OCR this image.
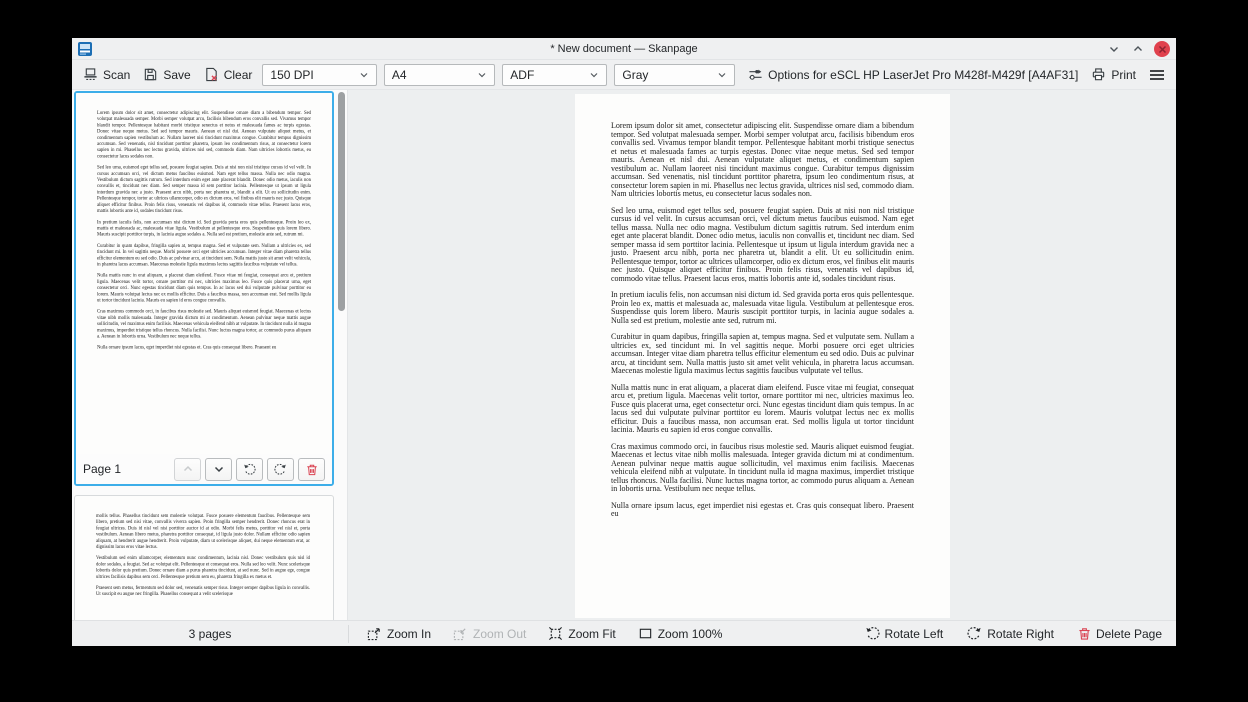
* New document — Skanpage
Scan	Save	Clear 150 DPI	A4	ADF	Gray	Options for eSCL HP LaserJet Pro M428f-M429f [A4AF31]	Print

Lorem ipsum dolor sit amet, consectetur adipiscing elit. Suspendisse ornare diam a bibendum tempor. Sed volutpat malesuada semper. Morbi semper volutpat arcu, facilisis bibendum eros convallis sed. Vivamus tempor blandit tempor. Pellentesque habitant morbi tristique senectus et netus et malesuada fames ac turpis egestas. Donec vitae neque metus. Sed sed tempor mauris. Aenean et nisl dui. Aenean vulputate aliquet metus, et condimentum sapien vestibulum ac. Nullam laoreet nisi tincidunt maximus congue. Curabitur tempus dignissim accumsan. Sed venenatis, nisl tincidunt porttitor pharetra, ipsum leo condimentum risus, at consectetur lorem sapien in mi. Phasellus nec lectus gravida, ultrices nisl sed, commodo diam. Nam ultricies lobortis metus, eu consectetur lacus sodales non.

Sed leo urna, euismod eget tellus sed, posuere feugiat sapien. Duis at nisi non nisl tristique cursus id vel velit. In cursus accumsan orci, vel dictum metus faucibus euismod. Nam eget tellus massa. Nulla nec odio magna. Vestibulum dictum sagittis rutrum. Sed interdum enim eget ante placerat blandit. Donec odio metus, iaculis non convallis et, tincidunt nec diam. Sed semper massa id sem porttitor lacinia. Pellentesque ut ipsum ut ligula interdum gravida nec a justo. Praesent arcu nibh, porta nec pharetra ut, blandit a elit. Ut eu sollicitudin enim. Pellentesque tempor, tortor ac ultrices ullamcorper, odio ex dictum eros, vel finibus elit mauris nec justo. Quisque aliquet efficitur finibus. Proin felis risus, venenatis vel dapibus id, commodo vitae tellus. Praesent lacus eros, mattis lobortis ante id, sodales tincidunt risus.

In pretium iaculis felis, non accumsan nisi dictum id. Sed gravida porta eros quis pellentesque. Proin leo ex, mattis et malesuada ac, malesuada vitae ligula. Vestibulum at pellentesque eros. Suspendisse quis lorem libero. Mauris suscipit porttitor turpis, in lacinia augue sodales a. Nulla sed est pretium, molestie ante sed, rutrum mi.

Curabitur in quam dapibus, fringilla sapien at, tempus magna. Sed et vulputate sem. Nullam a ultricies ex, sed tincidunt mi. In vel sagittis neque. Morbi posuere orci eget ultricies accumsan. Integer vitae diam pharetra tellus efficitur elementum eu sed odio. Duis ac pulvinar arcu, at tincidunt sem. Nulla mattis justo sit amet velit vehicula, in pharetra lacus accumsan. Maecenas molestie ligula maximus lectus sagittis faucibus vulputate vel tellus.

Nulla mattis nunc in erat aliquam, a placerat diam eleifend. Fusce vitae mi feugiat, consequat arcu et, pretium ligula. Maecenas velit tortor, ornare porttitor mi nec, ultricies maximus leo. Fusce quis placerat urna, eget consectetur orci. Nunc egestas tincidunt diam quis tempus. In ac lacus sed dui vulputate pulvinar porttitor eu lorem. Mauris volutpat lectus nec ex mollis efficitur. Duis a faucibus massa, non accumsan erat. Sed mollis ligula ut tortor tincidunt lacinia. Mauris eu sapien id eros congue convallis.

Cras maximus commodo orci, in faucibus risus molestie sed. Mauris aliquet euismod feugiat. Maecenas et lectus vitae nibh mollis malesuada. Integer gravida dictum mi at condimentum. Aenean pulvinar neque mattis augue sollicitudin, vel maximus enim facilisis. Maecenas vehicula eleifend nibh at vulputate. In tincidunt nulla id magna maximus, imperdiet tristique tellus rhoncus. Nulla facilisi. Nunc luctus magna tortor, ac commodo purus aliquam a. Aenean in lobortis urna. Vestibulum nec neque tellus.

Nulla ornare ipsum lacus, eget imperdiet nisi egestas et. Cras quis consequat libero. Praesent eu

Page 1

mollis tellus. Phasellus tincidunt sem molestie volutpat. Fusce posuere elementum faucibus. Pellentesque sem libero, pretium sed nisi vitae, convallis viverra sapien. Proin fringilla semper hendrerit. Donec rhoncus erat in feugiat ultrices. Duis id nisl vel nisi porttitor auctor id at odio. Morbi felis metus, porttitor vel nisl et, porta vestibulum. Aenean libero metus, pharetra porttitor consequat, id ligula justo dolor. Nullam efficitur odio sapien aliquam, at hendrerit augue hendrerit. Proin vulputate, diam ut scelerisque aliquet, dui neque elementum erat, ac dignissim lacus eros vitae lectus.

Vestibulum sed enim ullamcorper, elementum nunc condimentum, lacinia nisl. Donec vestibulum quis nisl id dolor sodales, a feugiat. Sed ac volutpat elit. Pellentesque et consequat eros. Nulla sed leo velit. Nunc scelerisque lobortis dolor quis pretium. Donec ornare diam a purus pharetra tincidunt, at sed nunc. Sed in augue ege, congue ultrices facilisis dapibus sem orci. Pellentesque pretium sem eu, pharetra fringilla ex metus et.

Praesent sem metus, fermentum sed dolor sed, venenatis semper risus. Integer semper dapibus ligula in convallis. Ut suscipit eu augue nec fringilla. Phasellus consequat a velit scelerisque

Lorem ipsum dolor sit amet, consectetur adipiscing elit. Suspendisse ornare diam a bibendum tempor. Sed volutpat malesuada semper. Morbi semper volutpat arcu, facilisis bibendum eros convallis sed. Vivamus tempor blandit tempor. Pellentesque habitant morbi tristique senectus et netus et malesuada fames ac turpis egestas. Donec vitae neque metus. Sed sed tempor mauris. Aenean et nisl dui. Aenean vulputate aliquet metus, et condimentum sapien vestibulum ac. Nullam laoreet nisi tincidunt maximus congue. Curabitur tempus dignissim accumsan. Sed venenatis, nisl tincidunt porttitor pharetra, ipsum leo condimentum risus, at consectetur lorem sapien in mi. Phasellus nec lectus gravida, ultrices nisl sed, commodo diam. Nam ultricies lobortis metus, eu consectetur lacus sodales non.

Sed leo urna, euismod eget tellus sed, posuere feugiat sapien. Duis at nisi non nisl tristique cursus id vel velit. In cursus accumsan orci, vel dictum metus faucibus euismod. Nam eget tellus massa. Nulla nec odio magna. Vestibulum dictum sagittis rutrum. Sed interdum enim eget ante placerat blandit. Donec odio metus, iaculis non convallis et, tincidunt nec diam. Sed semper massa id sem porttitor lacinia. Pellentesque ut ipsum ut ligula interdum gravida nec a justo. Praesent arcu nibh, porta nec pharetra ut, blandit a elit. Ut eu sollicitudin enim. Pellentesque tempor, tortor ac ultrices ullamcorper, odio ex dictum eros, vel finibus elit mauris nec justo. Quisque aliquet efficitur finibus. Proin felis risus, venenatis vel dapibus id, commodo vitae tellus. Praesent lacus eros, mattis lobortis ante id, sodales tincidunt risus.

In pretium iaculis felis, non accumsan nisi dictum id. Sed gravida porta eros quis pellentesque. Proin leo ex, mattis et malesuada ac, malesuada vitae ligula. Vestibulum at pellentesque eros. Suspendisse quis lorem libero. Mauris suscipit porttitor turpis, in lacinia augue sodales a. Nulla sed est pretium, molestie ante sed, rutrum mi.

Curabitur in quam dapibus, fringilla sapien at, tempus magna. Sed et vulputate sem. Nullam a ultricies ex, sed tincidunt mi. In vel sagittis neque. Morbi posuere orci eget ultricies accumsan. Integer vitae diam pharetra tellus efficitur elementum eu sed odio. Duis ac pulvinar arcu, at tincidunt sem. Nulla mattis justo sit amet velit vehicula, in pharetra lacus accumsan. Maecenas molestie ligula maximus lectus sagittis faucibus vulputate vel tellus.

Nulla mattis nunc in erat aliquam, a placerat diam eleifend. Fusce vitae mi feugiat, consequat arcu et, pretium ligula. Maecenas velit tortor, ornare porttitor mi nec, ultricies maximus leo. Fusce quis placerat urna, eget consectetur orci. Nunc egestas tincidunt diam quis tempus. In ac lacus sed dui vulputate pulvinar porttitor eu lorem. Mauris volutpat lectus nec ex mollis efficitur. Duis a faucibus massa, non accumsan erat. Sed mollis ligula ut tortor tincidunt lacinia. Mauris eu sapien id eros congue convallis.

Cras maximus commodo orci, in faucibus risus molestie sed. Mauris aliquet euismod feugiat. Maecenas et lectus vitae nibh mollis malesuada. Integer gravida dictum mi at condimentum. Aenean pulvinar neque mattis augue sollicitudin, vel maximus enim facilisis. Maecenas vehicula eleifend nibh at vulputate. In tincidunt nulla id magna maximus, imperdiet tristique tellus rhoncus. Nulla facilisi. Nunc luctus magna tortor, ac commodo purus aliquam a. Aenean in lobortis urna. Vestibulum nec neque tellus.

Nulla ornare ipsum lacus, eget imperdiet nisi egestas et. Cras quis consequat libero. Praesent eu

3 pages	Zoom In	Zoom Out	Zoom Fit	Zoom 100%	Rotate Left	Rotate Right	Delete Page
